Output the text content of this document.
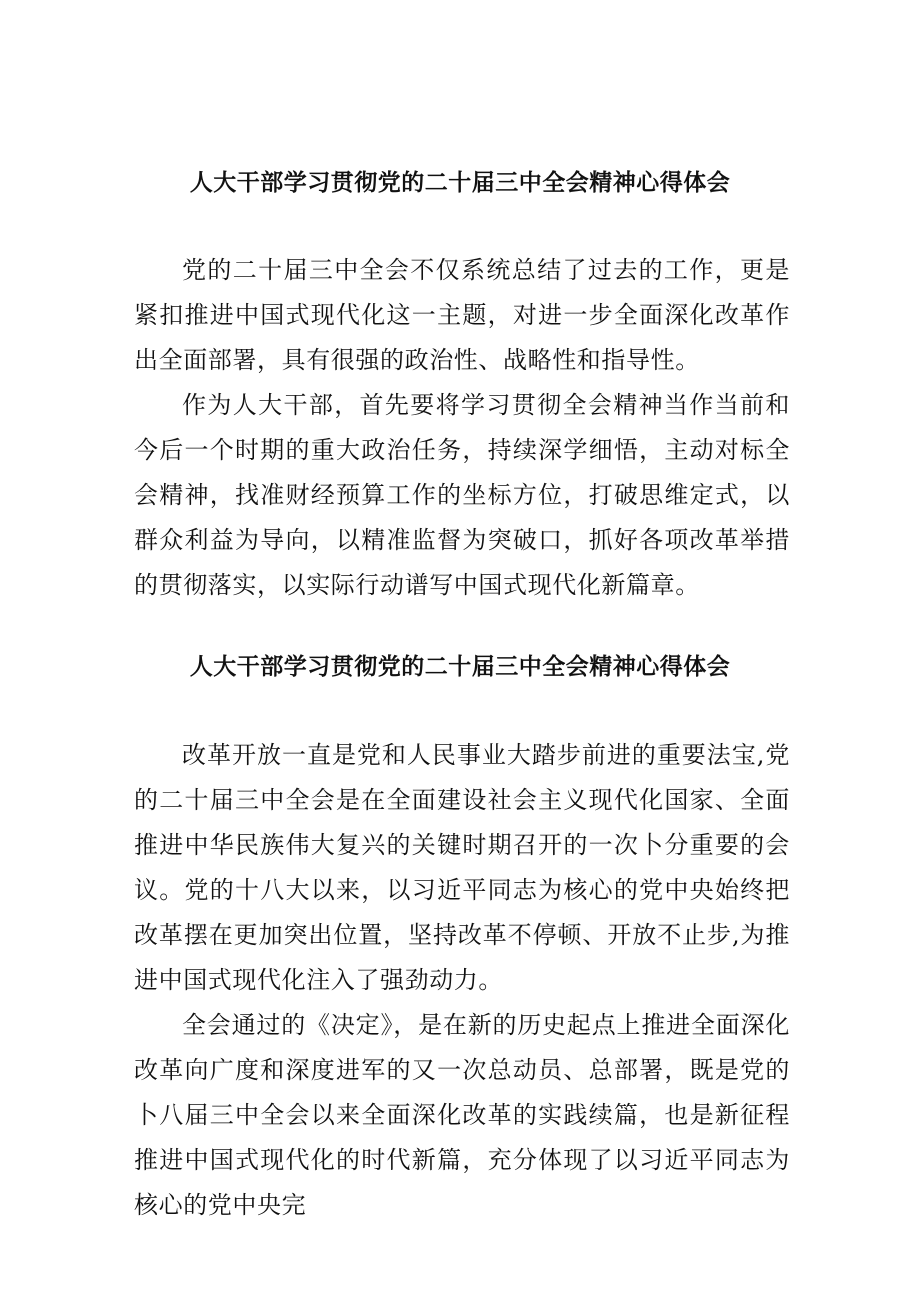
人大干部学习贯彻党的二十届三中全会精神心得体会

党的二十届三中全会不仅系统总结了过去的工作，更是紧扣推进中国式现代化这一主题，对进一步全面深化改革作出全面部署，具有很强的政治性、战略性和指导性。

作为人大干部，首先要将学习贯彻全会精神当作当前和今后一个时期的重大政治任务，持续深学细悟，主动对标全会精神，找准财经预算工作的坐标方位，打破思维定式，以群众利益为导向，以精准监督为突破口，抓好各项改革举措的贯彻落实，以实际行动谱写中国式现代化新篇章。

人大干部学习贯彻党的二十届三中全会精神心得体会

改革开放一直是党和人民事业大踏步前进的重要法宝,党的二十届三中全会是在全面建设社会主义现代化国家、全面推进中华民族伟大复兴的关键时期召开的一次卜分重要的会议。党的十八大以来，以习近平同志为核心的党中央始终把改革摆在更加突出位置，坚持改革不停顿、开放不止步,为推进中国式现代化注入了强劲动力。

全会通过的《决定》，是在新的历史起点上推进全面深化改革向广度和深度进军的又一次总动员、总部署，既是党的卜八届三中全会以来全面深化改革的实践续篇，也是新征程推进中国式现代化的时代新篇，充分体现了以习近平同志为核心的党中央完
